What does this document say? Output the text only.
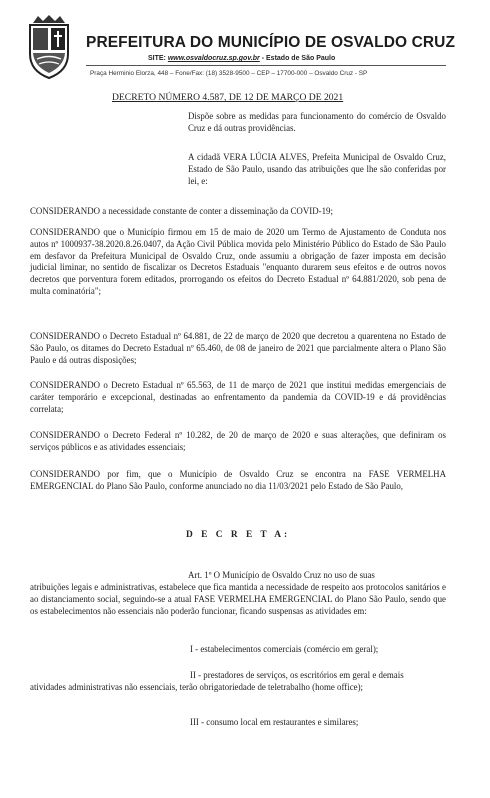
PREFEITURA DO MUNICÍPIO DE OSVALDO CRUZ
SITE: www.osvaldocruz.sp.gov.br - Estado de São Paulo
Praça Herminio Elorza, 448 – Fone/Fax: (18) 3528-9500 – CEP – 17700-000 – Osvaldo Cruz - SP
DECRETO NÚMERO 4.587, DE 12 DE MARÇO DE 2021
Dispõe sobre as medidas para funcionamento do comércio de Osvaldo Cruz e dá outras providências.
A cidadã VERA LÚCIA ALVES, Prefeita Municipal de Osvaldo Cruz, Estado de São Paulo, usando das atribuições que lhe são conferidas por lei, e:
CONSIDERANDO a necessidade constante de conter a disseminação da COVID-19;
CONSIDERANDO que o Município firmou em 15 de maio de 2020 um Termo de Ajustamento de Conduta nos autos nº 1000937-38.2020.8.26.0407, da Ação Civil Pública movida pelo Ministério Público do Estado de São Paulo em desfavor da Prefeitura Municipal de Osvaldo Cruz, onde assumiu a obrigação de fazer imposta em decisão judicial liminar, no sentido de fiscalizar os Decretos Estaduais "enquanto durarem seus efeitos e de outros novos decretos que porventura forem editados, prorrogando os efeitos do Decreto Estadual nº 64.881/2020, sob pena de multa cominatória";
CONSIDERANDO o Decreto Estadual nº 64.881, de 22 de março de 2020 que decretou a quarentena no Estado de São Paulo, os ditames do Decreto Estadual nº 65.460, de 08 de janeiro de 2021 que parcialmente altera o Plano São Paulo e dá outras disposições;
CONSIDERANDO o Decreto Estadual nº 65.563, de 11 de março de 2021 que institui medidas emergenciais de caráter temporário e excepcional, destinadas ao enfrentamento da pandemia da COVID-19 e dá providências correlata;
CONSIDERANDO o Decreto Federal nº 10.282, de 20 de março de 2020 e suas alterações, que definiram os serviços públicos e as atividades essenciais;
CONSIDERANDO por fim, que o Município de Osvaldo Cruz se encontra na FASE VERMELHA EMERGENCIAL do Plano São Paulo, conforme anunciado no dia 11/03/2021 pelo Estado de São Paulo,
D E C R E T A:
Art. 1º O Município de Osvaldo Cruz no uso de suas
atribuições legais e administrativas, estabelece que fica mantida a necessidade de respeito aos protocolos sanitários e ao distanciamento social, seguindo-se a atual FASE VERMELHA EMERGENCIAL do Plano São Paulo, sendo que os estabelecimentos não essenciais não poderão funcionar, ficando suspensas as atividades em:
I - estabelecimentos comerciais (comércio em geral);
II - prestadores de serviços, os escritórios em geral e demais
atividades administrativas não essenciais, terão obrigatoriedade de teletrabalho (home office);
III - consumo local em restaurantes e similares;
